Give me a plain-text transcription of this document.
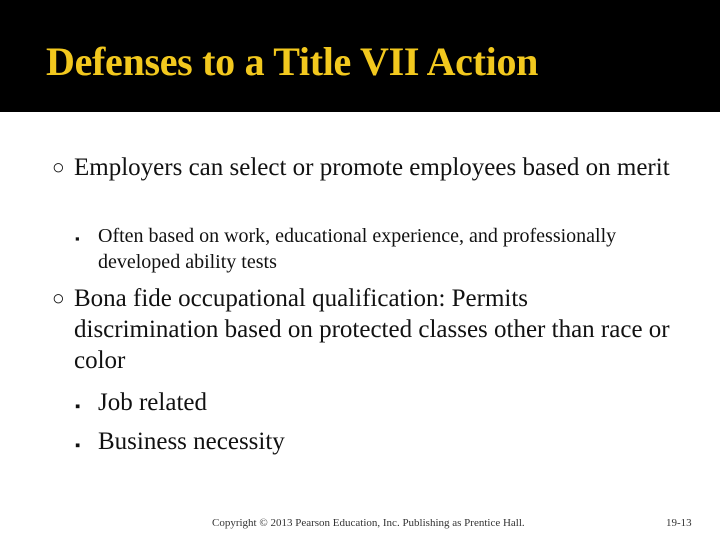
Defenses to a Title VII Action
○ Employers can select or promote employees based on merit
▪ Often based on work, educational experience, and professionally developed ability tests
○ Bona fide occupational qualification: Permits discrimination based on protected classes other than race or color
▪ Job related
▪ Business necessity
Copyright © 2013 Pearson Education, Inc. Publishing as Prentice Hall.	19-13
